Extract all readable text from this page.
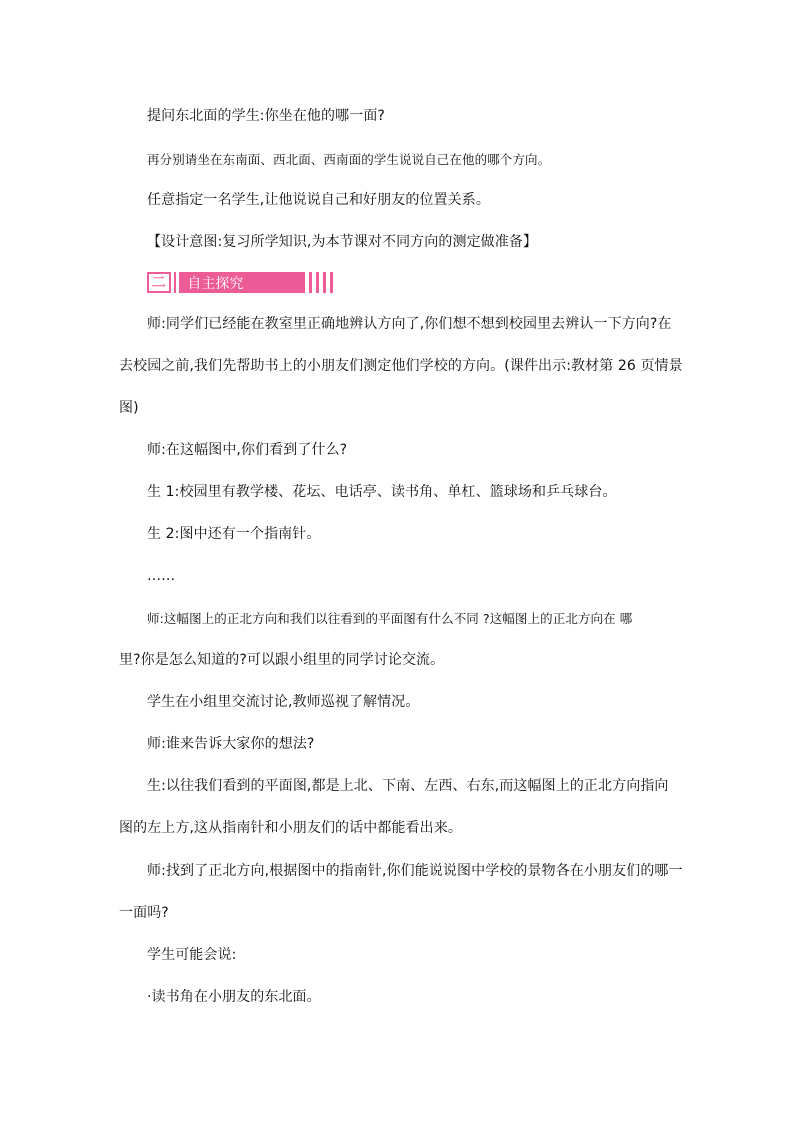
提问东北面的学生:你坐在他的哪一面?
再分别请坐在东南面、西北面、西南面的学生说说自己在他的哪个方向。
任意指定一名学生,让他说说自己和好朋友的位置关系。
【设计意图:复习所学知识,为本节课对不同方向的测定做准备】
二	自主探究
师:同学们已经能在教室里正确地辨认方向了,你们想不想到校园里去辨认一下方向?在
去校园之前,我们先帮助书上的小朋友们测定他们学校的方向。(课件出示:教材第 26 页情景
图)
师:在这幅图中,你们看到了什么?
生 1:校园里有教学楼、花坛、电话亭、读书角、单杠、篮球场和乒乓球台。
生 2:图中还有一个指南针。
……
师:这幅图上的正北方向和我们以往看到的平面图有什么不同 ?这幅图上的正北方向在 哪
里?你是怎么知道的?可以跟小组里的同学讨论交流。
学生在小组里交流讨论,教师巡视了解情况。
师:谁来告诉大家你的想法?
生:以往我们看到的平面图,都是上北、下南、左西、右东,而这幅图上的正北方向指向
图的左上方,这从指南针和小朋友们的话中都能看出来。
师:找到了正北方向,根据图中的指南针,你们能说说图中学校的景物各在小朋友们的哪一
一面吗?
学生可能会说:
·读书角在小朋友的东北面。
